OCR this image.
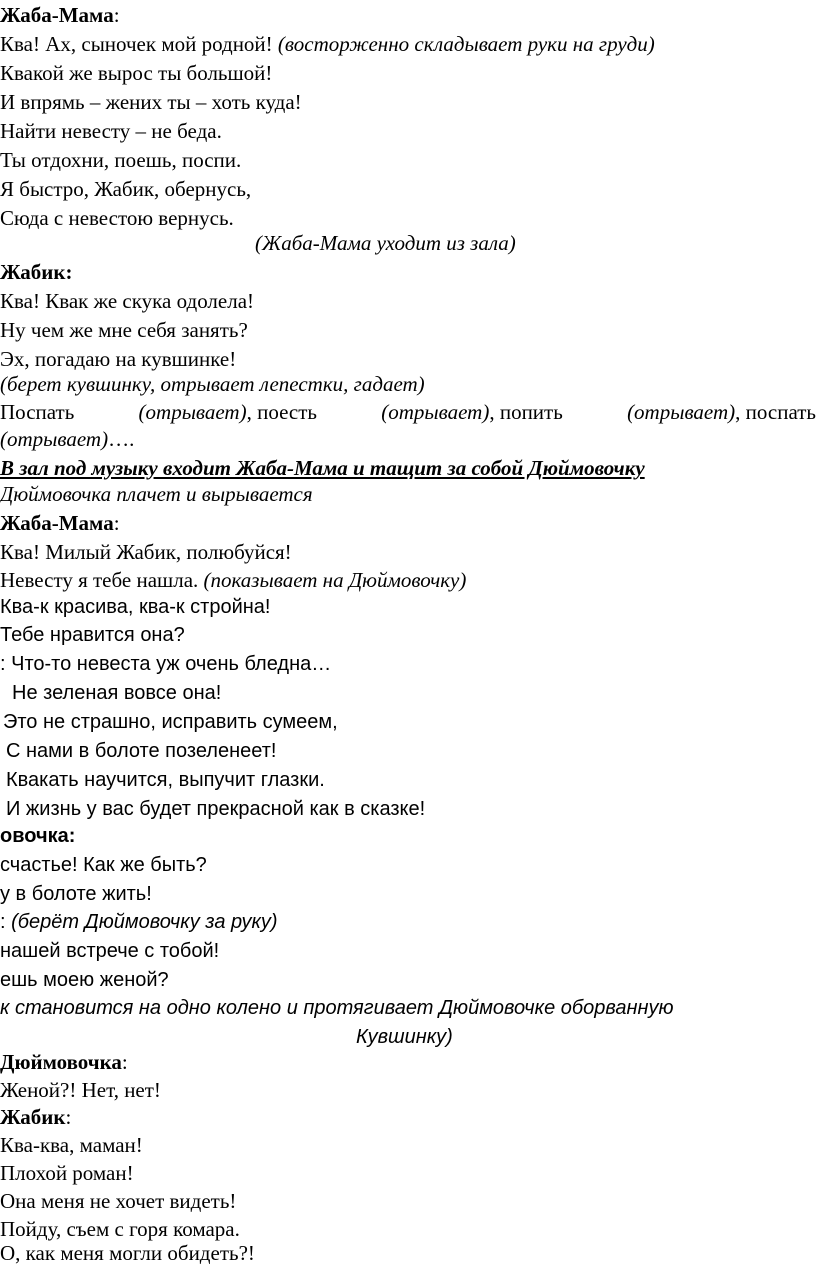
Жаба-Мама:
Ква! Ах, сыночек мой родной! (восторженно складывает руки на груди)
Квакой же вырос ты большой!
И впрямь – жених ты – хоть куда!
Найти невесту – не беда.
Ты отдохни, поешь, поспи.
Я быстро, Жабик, обернусь,
Сюда с невестою вернусь.
(Жаба-Мама уходит из зала)
Жабик:
Ква! Квак же скука одолела!
Ну чем же мне себя занять?
Эх, погадаю на кувшинке!
(берет кувшинку, отрывает лепестки, гадает)
Поспать	(отрывает), поесть	(отрывает), попить	(отрывает), поспать
(отрывает)….
В зал под музыку входит Жаба-Мама и тащит за собой Дюймовочку
Дюймовочка плачет и вырывается
Жаба-Мама:
Ква! Милый Жабик, полюбуйся!
Невесту я тебе нашла. (показывает на Дюймовочку)
Ква-к красива, ква-к стройна!
Тебе нравится она?
: Что-то невеста уж очень бледна…
Не зеленая вовсе она!
Это не страшно, исправить сумеем,
С нами в болоте позеленеет!
Квакать научится, выпучит глазки.
И жизнь у вас будет прекрасной как в сказке!
овочка:
счастье! Как же быть?
у в болоте жить!
: (берёт Дюймовочку за руку)
нашей встрече с тобой!
ешь моею женой?
к становится на одно колено и протягивает Дюймовочке оборванную
Кувшинку)
Дюймовочка:
Женой?! Нет, нет!
Жабик:
Ква-ква, маман!
Плохой роман!
Она меня не хочет видеть!
Пойду, съем с горя комара.
О, как меня могли обидеть?!
